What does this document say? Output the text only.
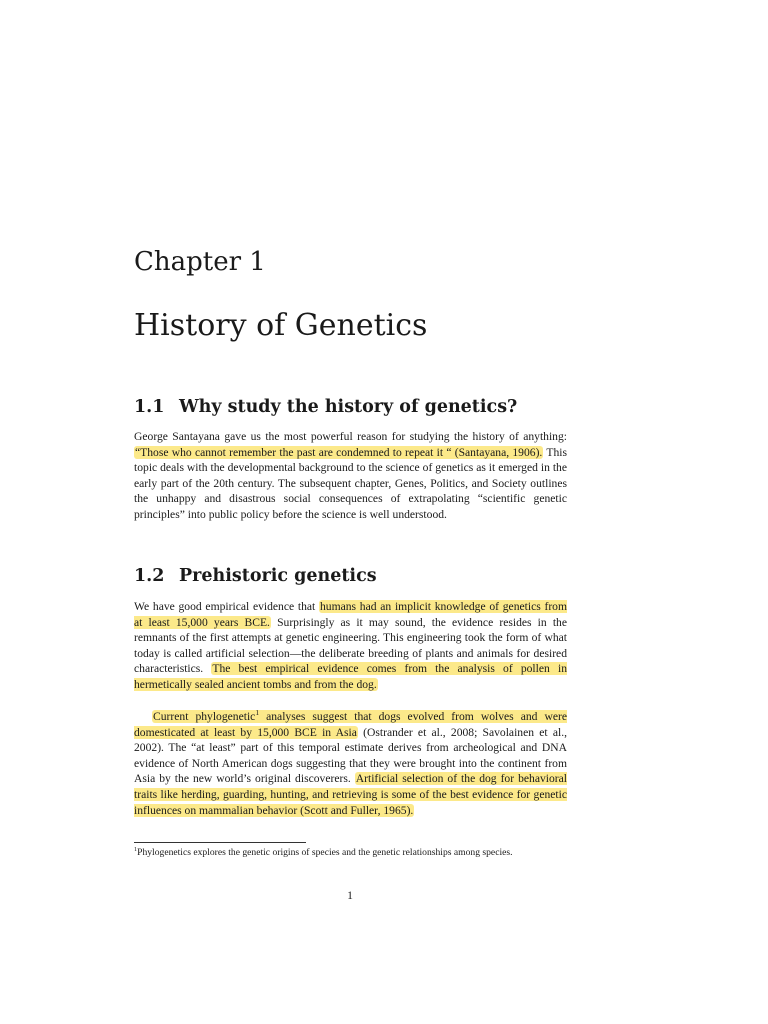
Chapter 1
History of Genetics
1.1 Why study the history of genetics?

George Santayana gave us the most powerful reason for studying the history of anything: “Those who cannot remember the past are condemned to repeat it “ (Santayana, 1906). This topic deals with the developmental background to the science of genetics as it emerged in the early part of the 20th century. The subsequent chapter, Genes, Politics, and Society outlines the unhappy and disastrous social consequences of extrapolating “scientific genetic principles” into public policy before the science is well understood.

1.2 Prehistoric genetics

We have good empirical evidence that humans had an implicit knowledge of genetics from at least 15,000 years BCE. Surprisingly as it may sound, the evidence resides in the remnants of the first attempts at genetic engineering. This engineering took the form of what today is called artificial selection—the deliberate breeding of plants and animals for desired characteristics. The best empirical evidence comes from the analysis of pollen in hermetically sealed ancient tombs and from the dog.

Current phylogenetic$^1$ analyses suggest that dogs evolved from wolves and were domesticated at least by 15,000 BCE in Asia (Ostrander et al., 2008; Savolainen et al., 2002). The “at least” part of this temporal estimate derives from archeological and DNA evidence of North American dogs suggesting that they were brought into the continent from Asia by the new world’s original discoverers. Artificial selection of the dog for behavioral traits like herding, guarding, hunting, and retrieving is some of the best evidence for genetic influences on mammalian behavior (Scott and Fuller, 1965).

$^1$Phylogenetics explores the genetic origins of species and the genetic relationships among species.

1
